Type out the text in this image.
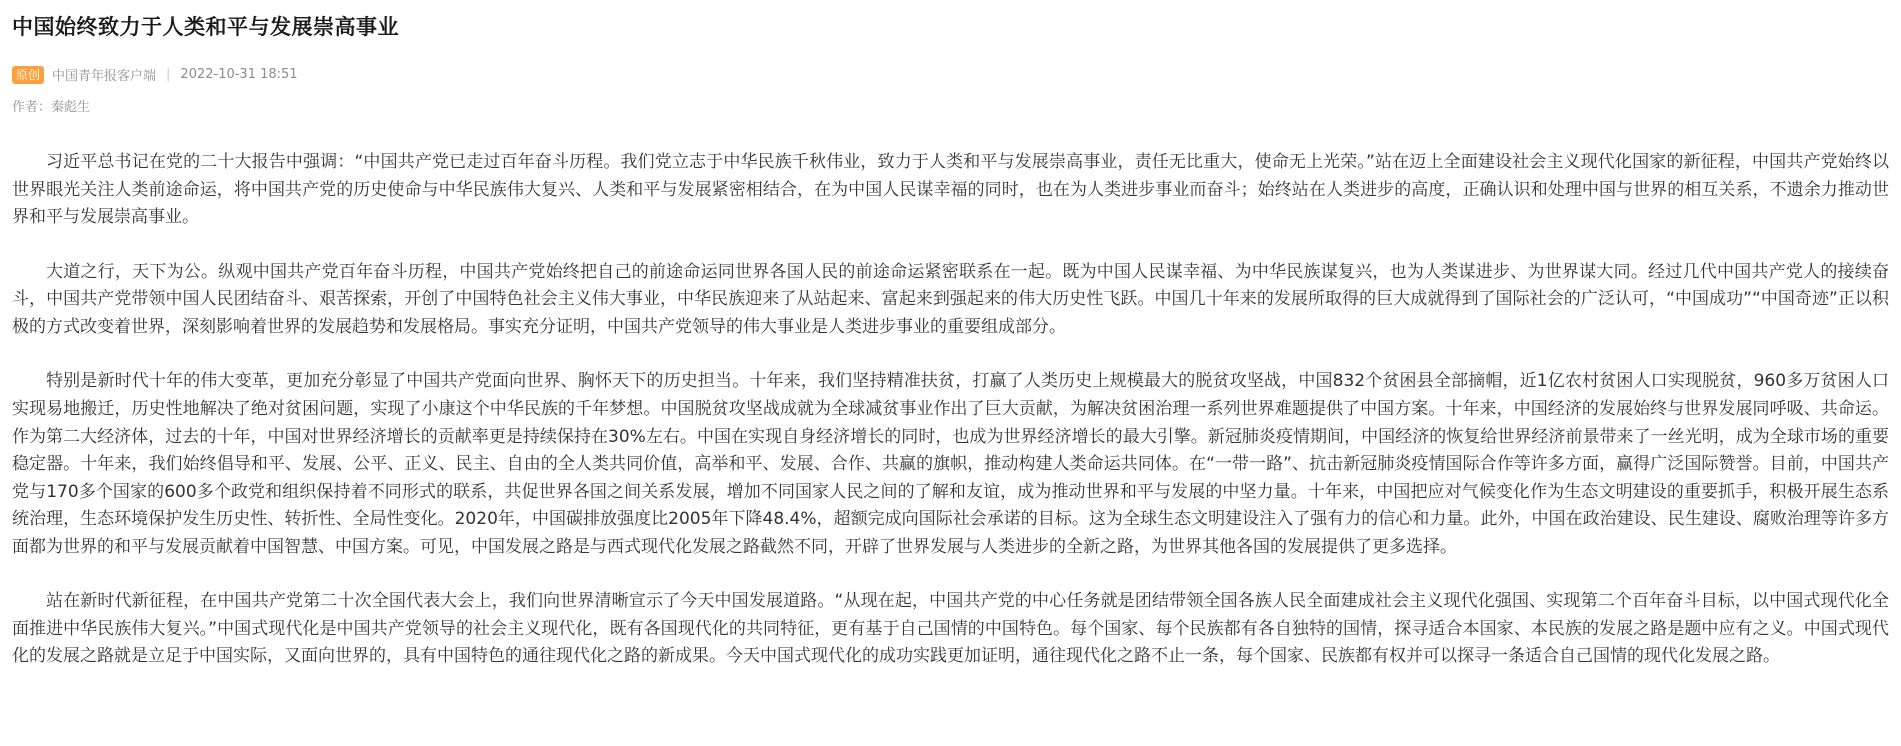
中国始终致力于人类和平与发展崇高事业
原创 中国青年报客户端 | 2022-10-31 18:51
作者：秦彪生

习近平总书记在党的二十大报告中强调：“中国共产党已走过百年奋斗历程。我们党立志于中华民族千秋伟业，致力于人类和平与发展崇高事业，责任无比重大，使命无上光荣。”站在迈上全面建设社会主义现代化国家的新征程，中国共产党始终以世界眼光关注人类前途命运，将中国共产党的历史使命与中华民族伟大复兴、人类和平与发展紧密相结合，在为中国人民谋幸福的同时，也在为人类进步事业而奋斗；始终站在人类进步的高度，正确认识和处理中国与世界的相互关系，不遗余力推动世界和平与发展崇高事业。

大道之行，天下为公。纵观中国共产党百年奋斗历程，中国共产党始终把自己的前途命运同世界各国人民的前途命运紧密联系在一起。既为中国人民谋幸福、为中华民族谋复兴，也为人类谋进步、为世界谋大同。经过几代中国共产党人的接续奋斗，中国共产党带领中国人民团结奋斗、艰苦探索，开创了中国特色社会主义伟大事业，中华民族迎来了从站起来、富起来到强起来的伟大历史性飞跃。中国几十年来的发展所取得的巨大成就得到了国际社会的广泛认可，“中国成功”“中国奇迹”正以积极的方式改变着世界，深刻影响着世界的发展趋势和发展格局。事实充分证明，中国共产党领导的伟大事业是人类进步事业的重要组成部分。

特别是新时代十年的伟大变革，更加充分彰显了中国共产党面向世界、胸怀天下的历史担当。十年来，我们坚持精准扶贫，打赢了人类历史上规模最大的脱贫攻坚战，中国832个贫困县全部摘帽，近1亿农村贫困人口实现脱贫，960多万贫困人口实现易地搬迁，历史性地解决了绝对贫困问题，实现了小康这个中华民族的千年梦想。中国脱贫攻坚战成就为全球减贫事业作出了巨大贡献，为解决贫困治理一系列世界难题提供了中国方案。十年来，中国经济的发展始终与世界发展同呼吸、共命运。作为第二大经济体，过去的十年，中国对世界经济增长的贡献率更是持续保持在30%左右。中国在实现自身经济增长的同时，也成为世界经济增长的最大引擎。新冠肺炎疫情期间，中国经济的恢复给世界经济前景带来了一丝光明，成为全球市场的重要稳定器。十年来，我们始终倡导和平、发展、公平、正义、民主、自由的全人类共同价值，高举和平、发展、合作、共赢的旗帜，推动构建人类命运共同体。在“一带一路”、抗击新冠肺炎疫情国际合作等许多方面，赢得广泛国际赞誉。目前，中国共产党与170多个国家的600多个政党和组织保持着不同形式的联系，共促世界各国之间关系发展，增加不同国家人民之间的了解和友谊，成为推动世界和平与发展的中坚力量。十年来，中国把应对气候变化作为生态文明建设的重要抓手，积极开展生态系统治理，生态环境保护发生历史性、转折性、全局性变化。2020年，中国碳排放强度比2005年下降48.4%，超额完成向国际社会承诺的目标。这为全球生态文明建设注入了强有力的信心和力量。此外，中国在政治建设、民生建设、腐败治理等许多方面都为世界的和平与发展贡献着中国智慧、中国方案。可见，中国发展之路是与西式现代化发展之路截然不同，开辟了世界发展与人类进步的全新之路，为世界其他各国的发展提供了更多选择。

站在新时代新征程，在中国共产党第二十次全国代表大会上，我们向世界清晰宣示了今天中国发展道路。“从现在起，中国共产党的中心任务就是团结带领全国各族人民全面建成社会主义现代化强国、实现第二个百年奋斗目标，以中国式现代化全面推进中华民族伟大复兴。”中国式现代化是中国共产党领导的社会主义现代化，既有各国现代化的共同特征，更有基于自己国情的中国特色。每个国家、每个民族都有各自独特的国情，探寻适合本国家、本民族的发展之路是题中应有之义。中国式现代化的发展之路就是立足于中国实际，又面向世界的，具有中国特色的通往现代化之路的新成果。今天中国式现代化的成功实践更加证明，通往现代化之路不止一条，每个国家、民族都有权并可以探寻一条适合自己国情的现代化发展之路。
